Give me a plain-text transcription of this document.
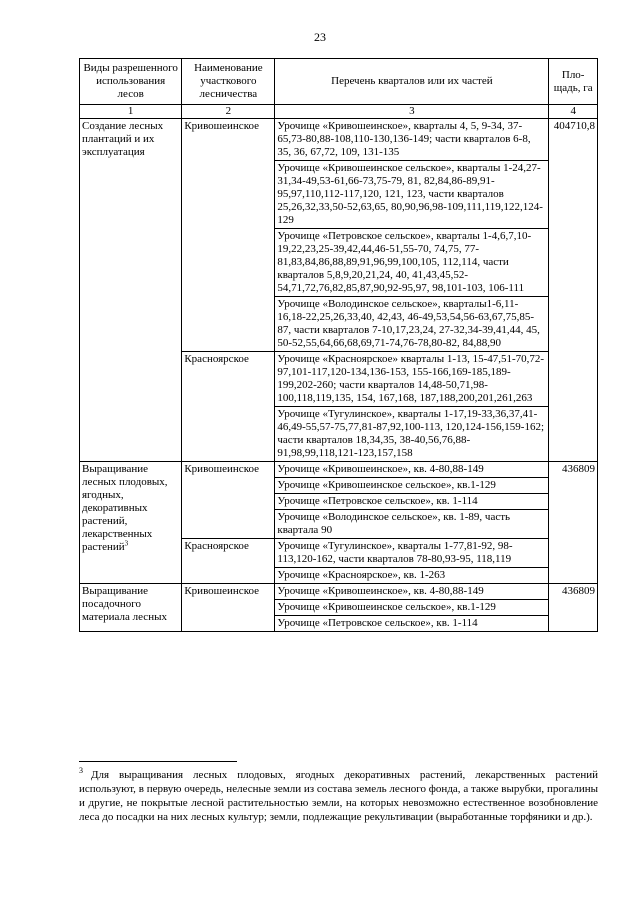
23
Виды разрешенного использования лесов	Наименование участкового лесничества	Перечень кварталов или их частей	Пло-щадь, га
1	2	3	4
Создание лесных плантаций и их эксплуатация	Кривошеинское	Урочище «Кривошеинское», кварталы 4, 5, 9-34, 37-65,73-80,88-108,110-130,136-149; части кварталов 6-8, 35, 36, 67,72, 109, 131-135	404710,8
		Урочище «Кривошеинское сельское», кварталы 1-24,27-31,34-49,53-61,66-73,75-79, 81, 82,84,86-89,91-95,97,110,112-117,120, 121, 123, части кварталов 25,26,32,33,50-52,63,65, 80,90,96,98-109,111,119,122,124-129	
		Урочище «Петровское сельское», кварталы 1-4,6,7,10-19,22,23,25-39,42,44,46-51,55-70, 74,75, 77-81,83,84,86,88,89,91,96,99,100,105, 112,114, части кварталов 5,8,9,20,21,24, 40, 41,43,45,52-54,71,72,76,82,85,87,90,92-95,97, 98,101-103, 106-111	
		Урочище «Володинское сельское», кварталы1-6,11-16,18-22,25,26,33,40, 42,43, 46-49,53,54,56-63,67,75,85-87, части кварталов 7-10,17,23,24, 27-32,34-39,41,44, 45, 50-52,55,64,66,68,69,71-74,76-78,80-82, 84,88,90	
	Красноярское	Урочище «Красноярское» кварталы 1-13, 15-47,51-70,72-97,101-117,120-134,136-153, 155-166,169-185,189-199,202-260; части кварталов 14,48-50,71,98-100,118,119,135, 154, 167,168, 187,188,200,201,261,263	
		Урочище «Тугулинское», кварталы 1-17,19-33,36,37,41-46,49-55,57-75,77,81-87,92,100-113, 120,124-156,159-162; части кварталов 18,34,35, 38-40,56,76,88-91,98,99,118,121-123,157,158	
Выращивание лесных плодовых, ягодных, декоративных растений, лекарственных растений$^3$	Кривошеинское	Урочище «Кривошеинское», кв. 4-80,88-149	436809
		Урочище «Кривошеинское сельское», кв.1-129	
		Урочище «Петровское сельское», кв. 1-114	
		Урочище «Володинское сельское», кв. 1-89, часть квартала 90	
	Красноярское	Урочище «Тугулинское», кварталы 1-77,81-92, 98-113,120-162, части кварталов 78-80,93-95, 118,119	
		Урочище «Красноярское», кв. 1-263	
Выращивание посадочного материала лесных	Кривошеинское	Урочище «Кривошеинское», кв. 4-80,88-149	436809
		Урочище «Кривошеинское сельское», кв.1-129	
		Урочище «Петровское сельское», кв. 1-114	
$^3$ Для выращивания лесных плодовых, ягодных декоративных растений, лекарственных растений используют, в первую очередь, нелесные земли из состава земель лесного фонда, а также вырубки, прогалины и другие, не покрытые лесной растительностью земли, на которых невозможно естественное возобновление леса до посадки на них лесных культур; земли, подлежащие рекультивации (выработанные торфяники и др.).
